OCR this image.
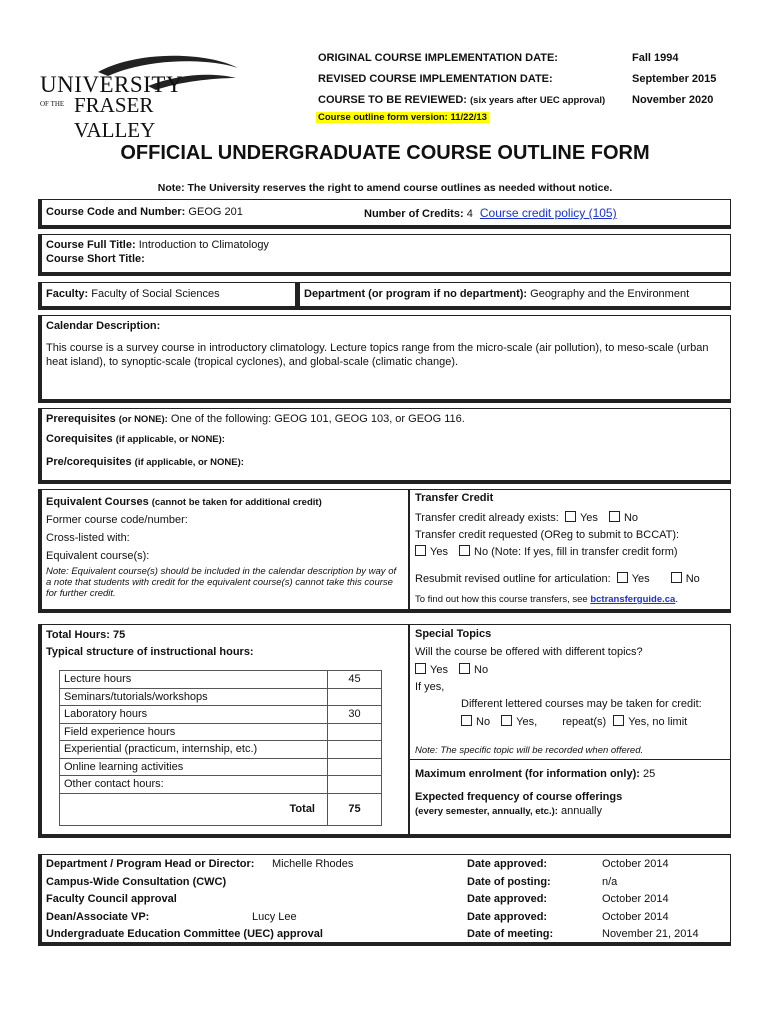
UNIVERSITY
OF THE FRASER VALLEY
ORIGINAL COURSE IMPLEMENTATION DATE:	Fall 1994
REVISED COURSE IMPLEMENTATION DATE:	September 2015
COURSE TO BE REVIEWED: (six years after UEC approval) November 2020
Course outline form version: 11/22/13
OFFICIAL UNDERGRADUATE COURSE OUTLINE FORM
Note: The University reserves the right to amend course outlines as needed without notice.
Course Code and Number: GEOG 201	Number of Credits: 4 Course credit policy (105)
Course Full Title: Introduction to Climatology
Course Short Title:
Faculty: Faculty of Social Sciences	Department (or program if no department): Geography and the Environment
Calendar Description:
This course is a survey course in introductory climatology. Lecture topics range from the micro-scale (air pollution), to meso-scale (urban heat island), to synoptic-scale (tropical cyclones), and global-scale (climatic change).
Prerequisites (or NONE): One of the following: GEOG 101, GEOG 103, or GEOG 116.
Corequisites (if applicable, or NONE):
Pre/corequisites (if applicable, or NONE):
Equivalent Courses (cannot be taken for additional credit)
Former course code/number:
Cross-listed with:
Equivalent course(s):
Note: Equivalent course(s) should be included in the calendar description by way of a note that students with credit for the equivalent course(s) cannot take this course for further credit.
Transfer Credit
Transfer credit already exists: Yes No
Transfer credit requested (OReg to submit to BCCAT):
Yes No (Note: If yes, fill in transfer credit form)
Resubmit revised outline for articulation: Yes	No
To find out how this course transfers, see bctransferguide.ca.
Total Hours: 75
Typical structure of instructional hours:
Lecture hours	45
Seminars/tutorials/workshops	
Laboratory hours	30
Field experience hours	
Experiential (practicum, internship, etc.)	
Online learning activities	
Other contact hours:	
Total	75
Special Topics
Will the course be offered with different topics?
Yes No
If yes,
Different lettered courses may be taken for credit:
No Yes, repeat(s) Yes, no limit
Note: The specific topic will be recorded when offered.
Maximum enrolment (for information only): 25
Expected frequency of course offerings
(every semester, annually, etc.): annually
Department / Program Head or Director: Michelle Rhodes	Date approved:	October 2014
Campus-Wide Consultation (CWC)	Date of posting:	n/a
Faculty Council approval	Date approved:	October 2014
Dean/Associate VP:	Lucy Lee	Date approved:	October 2014
Undergraduate Education Committee (UEC) approval	Date of meeting:	November 21, 2014
